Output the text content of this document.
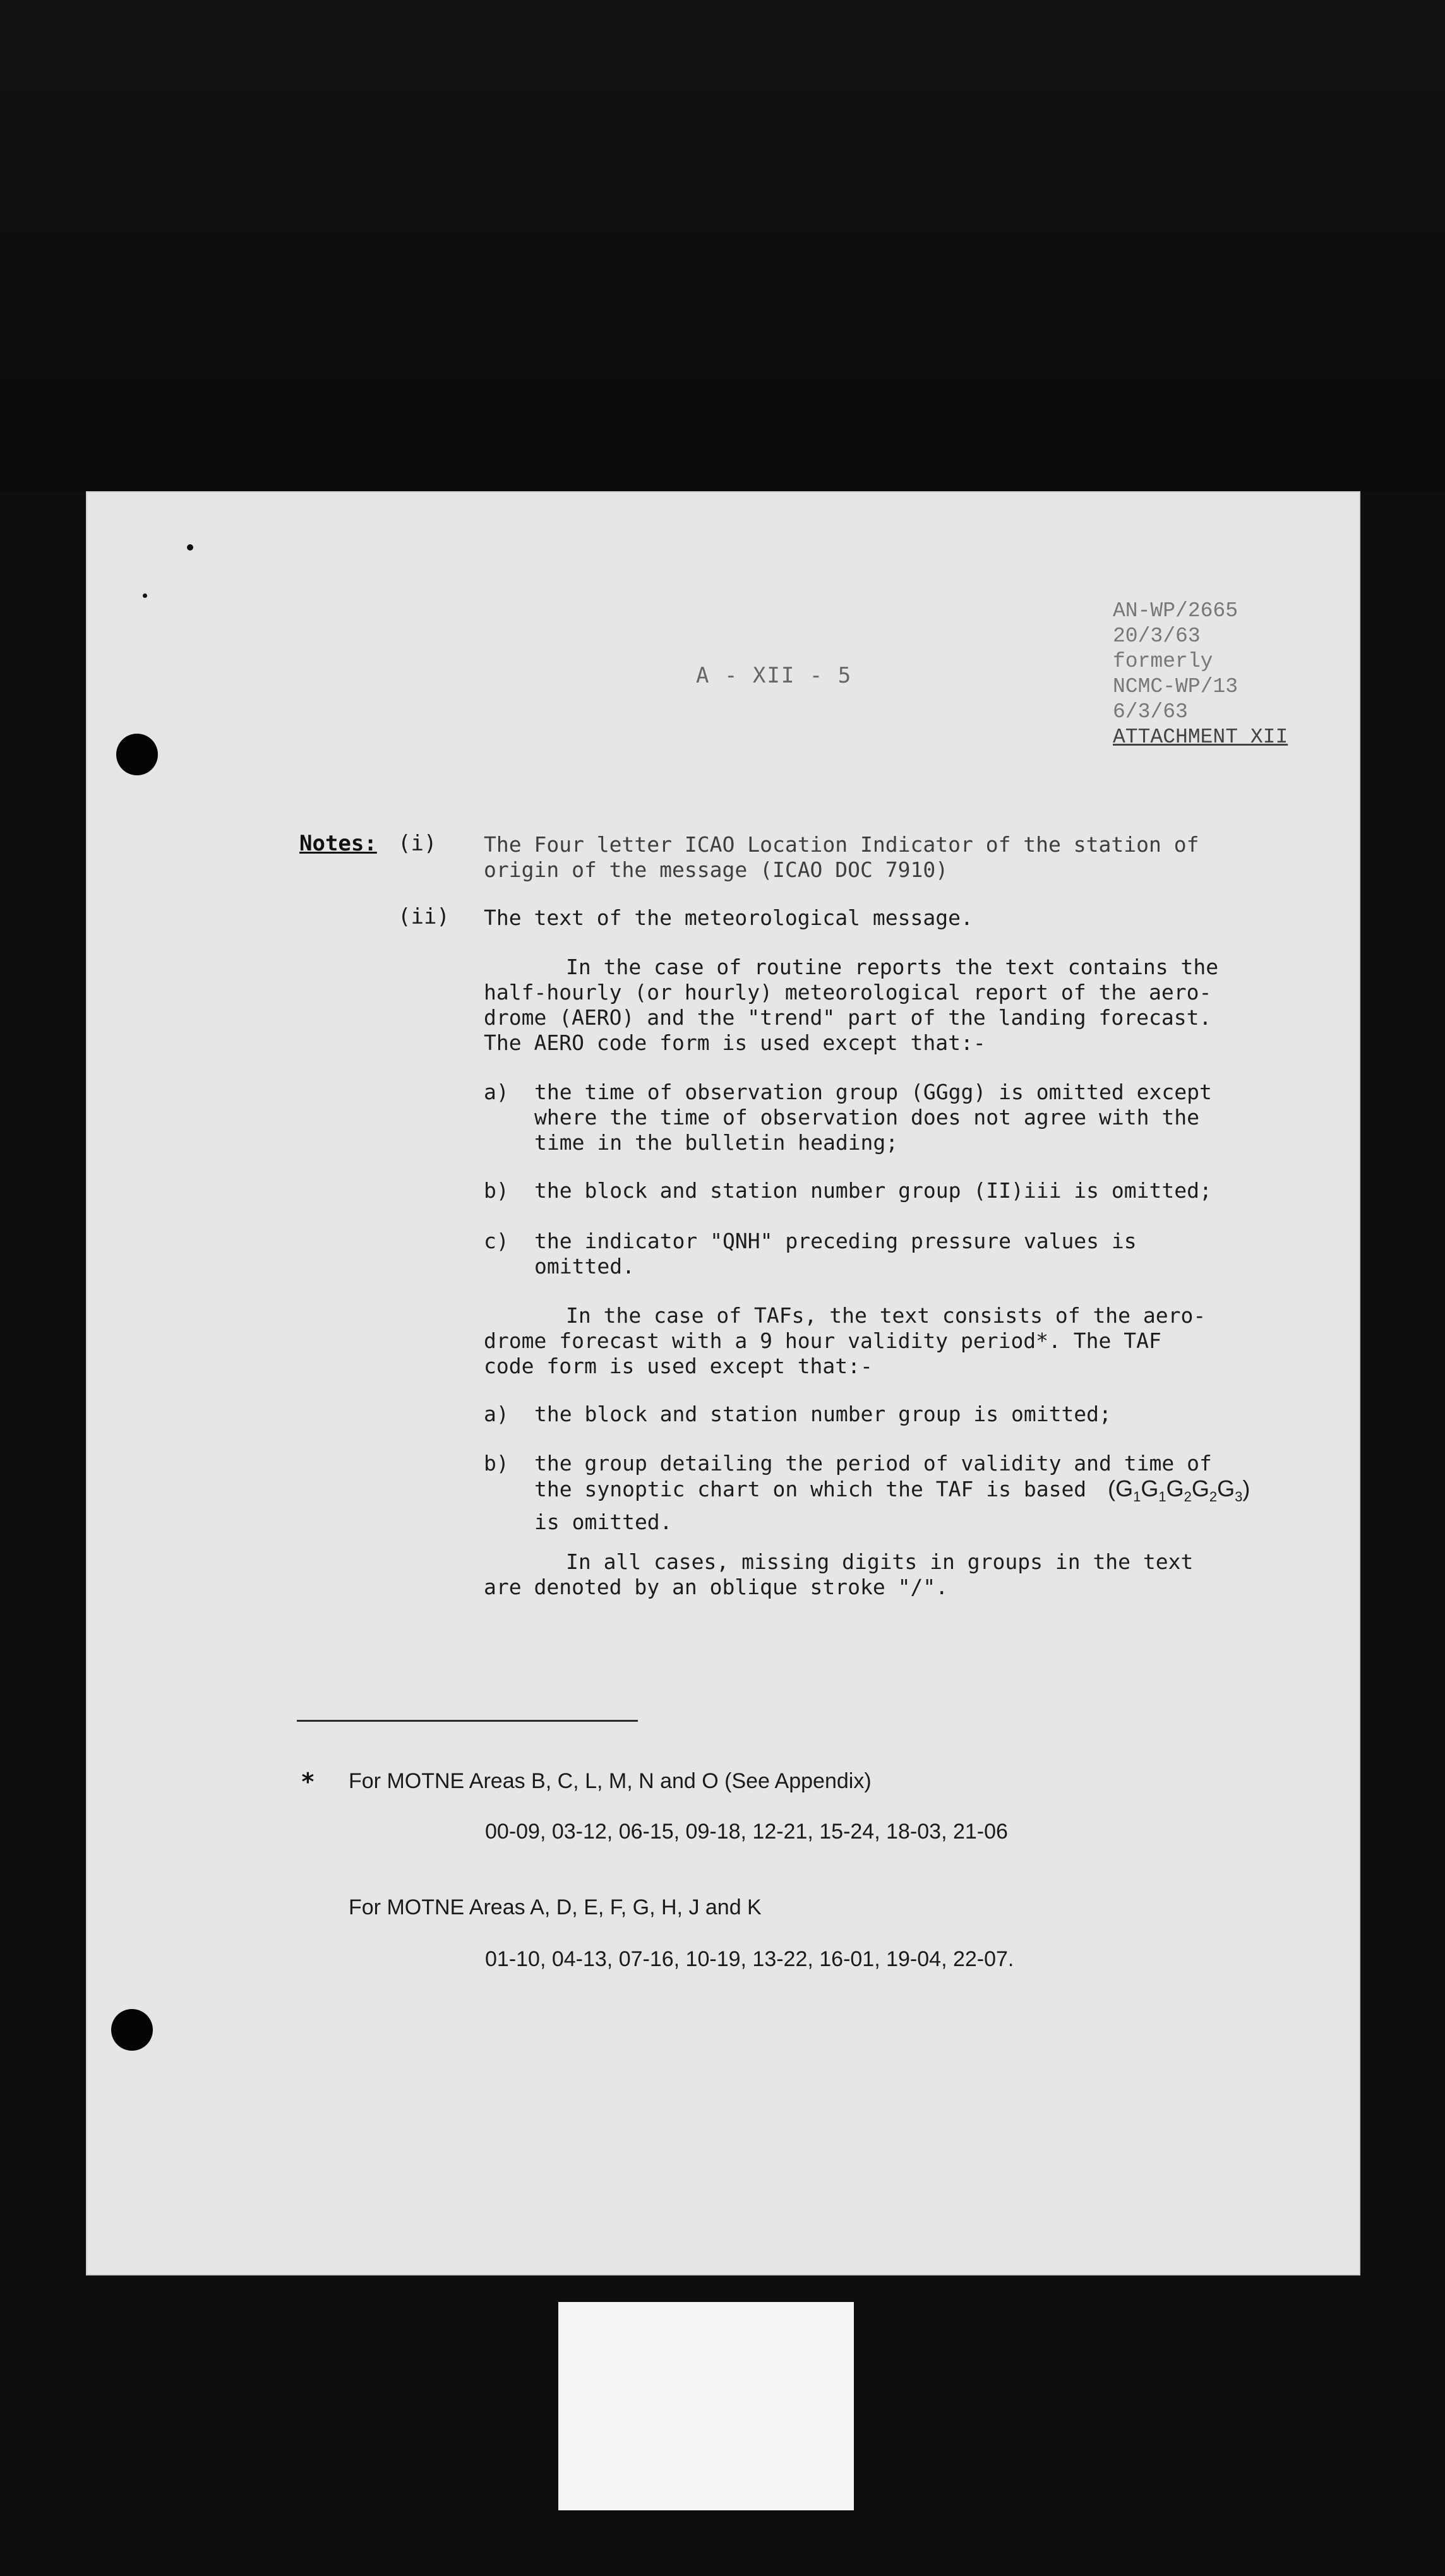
AN-WP/2665
20/3/63
formerly
NCMC-WP/13
6/3/63
ATTACHMENT XII
A - XII - 5
Notes: (i) The Four letter ICAO Location Indicator of the station of
origin of the message (ICAO DOC 7910)
(ii) The text of the meteorological message.
In the case of routine reports the text contains the
half-hourly (or hourly) meteorological report of the aero-
drome (AERO) and the "trend" part of the landing forecast.
The AERO code form is used except that:-
a) the time of observation group (GGgg) is omitted except
where the time of observation does not agree with the
time in the bulletin heading;
b) the block and station number group (II)iii is omitted;
c) the indicator "QNH" preceding pressure values is
omitted.
In the case of TAFs, the text consists of the aero-
drome forecast with a 9 hour validity period*. The TAF
code form is used except that:-
a) the block and station number group is omitted;
b) the group detailing the period of validity and time of
the synoptic chart on which the TAF is based $(G_1G_1G_2G_2G_3)$
is omitted.
In all cases, missing digits in groups in the text
are denoted by an oblique stroke "/".
* For MOTNE Areas B, C, L, M, N and O (See Appendix)
00-09, 03-12, 06-15, 09-18, 12-21, 15-24, 18-03, 21-06
For MOTNE Areas A, D, E, F, G, H, J and K
01-10, 04-13, 07-16, 10-19, 13-22, 16-01, 19-04, 22-07.
